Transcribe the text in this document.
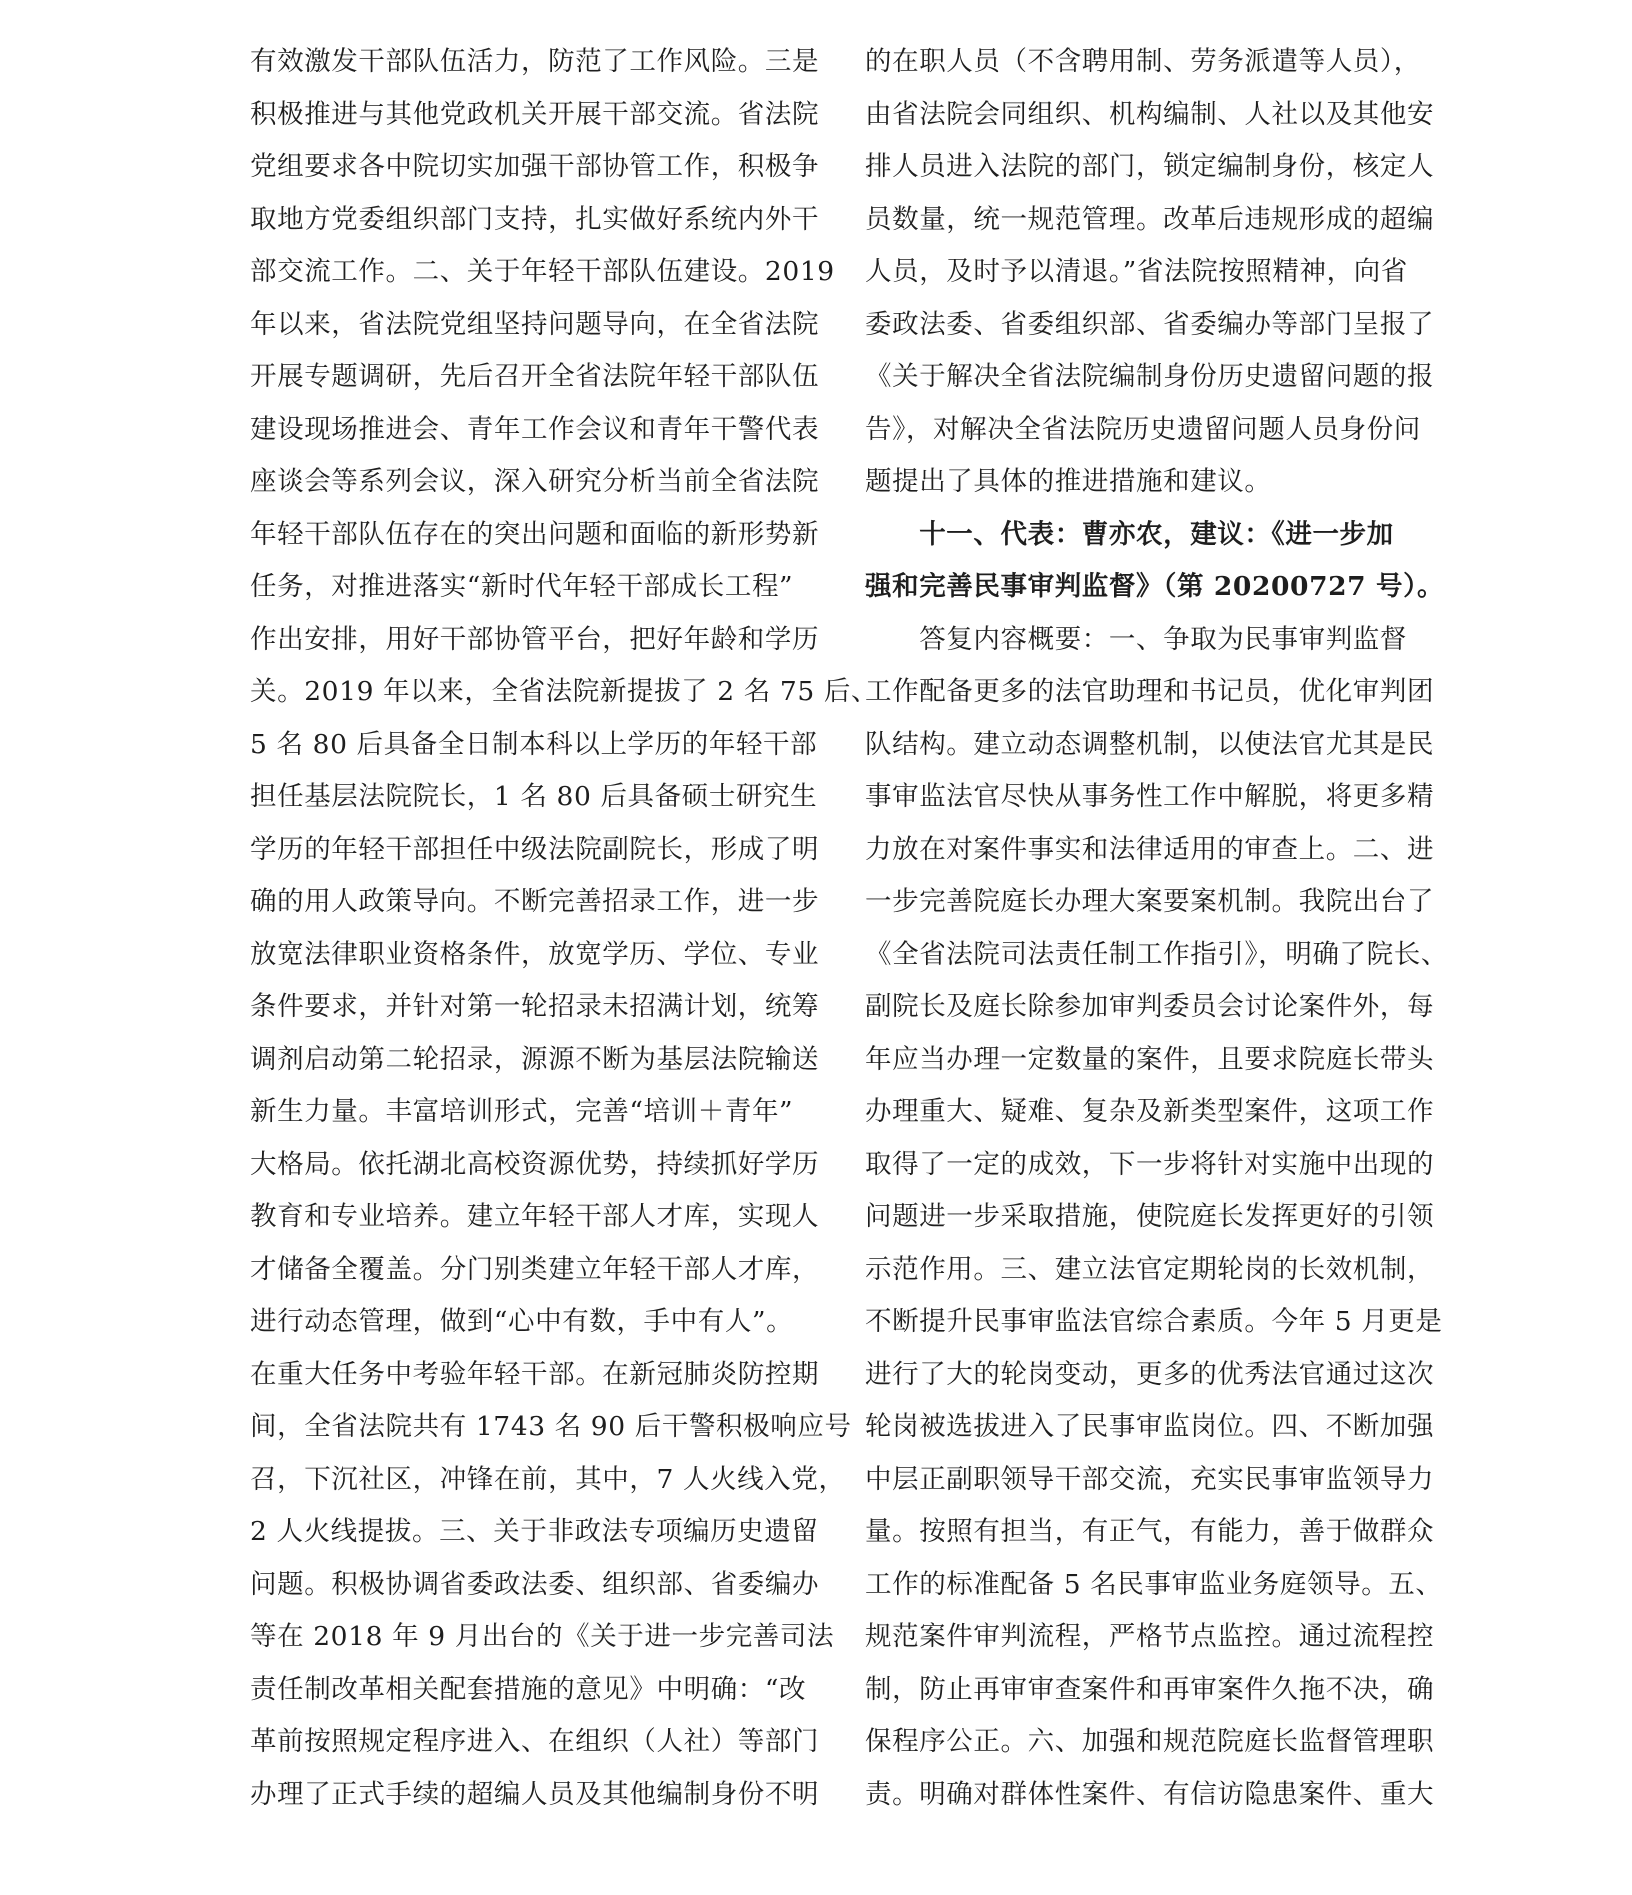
有效激发干部队伍活力，防范了工作风险。三是
积极推进与其他党政机关开展干部交流。省法院
党组要求各中院切实加强干部协管工作，积极争
取地方党委组织部门支持，扎实做好系统内外干
部交流工作。二、关于年轻干部队伍建设。2019
年以来，省法院党组坚持问题导向，在全省法院
开展专题调研，先后召开全省法院年轻干部队伍
建设现场推进会、青年工作会议和青年干警代表
座谈会等系列会议，深入研究分析当前全省法院
年轻干部队伍存在的突出问题和面临的新形势新
任务，对推进落实“新时代年轻干部成长工程”
作出安排，用好干部协管平台，把好年龄和学历
关。2019 年以来，全省法院新提拔了 2 名 75 后、
5 名 80 后具备全日制本科以上学历的年轻干部
担任基层法院院长，1 名 80 后具备硕士研究生
学历的年轻干部担任中级法院副院长，形成了明
确的用人政策导向。不断完善招录工作，进一步
放宽法律职业资格条件，放宽学历、学位、专业
条件要求，并针对第一轮招录未招满计划，统筹
调剂启动第二轮招录，源源不断为基层法院输送
新生力量。丰富培训形式，完善“培训＋青年”
大格局。依托湖北高校资源优势，持续抓好学历
教育和专业培养。建立年轻干部人才库，实现人
才储备全覆盖。分门别类建立年轻干部人才库，
进行动态管理，做到“心中有数，手中有人”。
在重大任务中考验年轻干部。在新冠肺炎防控期
间，全省法院共有 1743 名 90 后干警积极响应号
召，下沉社区，冲锋在前，其中，7 人火线入党，
2 人火线提拔。三、关于非政法专项编历史遗留
问题。积极协调省委政法委、组织部、省委编办
等在 2018 年 9 月出台的《关于进一步完善司法
责任制改革相关配套措施的意见》中明确：“改
革前按照规定程序进入、在组织（人社）等部门
办理了正式手续的超编人员及其他编制身份不明
的在职人员（不含聘用制、劳务派遣等人员），
由省法院会同组织、机构编制、人社以及其他安
排人员进入法院的部门，锁定编制身份，核定人
员数量，统一规范管理。改革后违规形成的超编
人员，及时予以清退。”省法院按照精神，向省
委政法委、省委组织部、省委编办等部门呈报了
《关于解决全省法院编制身份历史遗留问题的报
告》，对解决全省法院历史遗留问题人员身份问
题提出了具体的推进措施和建议。
　　十一、代表：曹亦农，建议：《进一步加
强和完善民事审判监督》（第 20200727 号）。
　　答复内容概要：一、争取为民事审判监督
工作配备更多的法官助理和书记员，优化审判团
队结构。建立动态调整机制，以使法官尤其是民
事审监法官尽快从事务性工作中解脱，将更多精
力放在对案件事实和法律适用的审查上。二、进
一步完善院庭长办理大案要案机制。我院出台了
《全省法院司法责任制工作指引》，明确了院长、
副院长及庭长除参加审判委员会讨论案件外，每
年应当办理一定数量的案件，且要求院庭长带头
办理重大、疑难、复杂及新类型案件，这项工作
取得了一定的成效，下一步将针对实施中出现的
问题进一步采取措施，使院庭长发挥更好的引领
示范作用。三、建立法官定期轮岗的长效机制，
不断提升民事审监法官综合素质。今年 5 月更是
进行了大的轮岗变动，更多的优秀法官通过这次
轮岗被选拔进入了民事审监岗位。四、不断加强
中层正副职领导干部交流，充实民事审监领导力
量。按照有担当，有正气，有能力，善于做群众
工作的标准配备 5 名民事审监业务庭领导。五、
规范案件审判流程，严格节点监控。通过流程控
制，防止再审审查案件和再审案件久拖不决，确
保程序公正。六、加强和规范院庭长监督管理职
责。明确对群体性案件、有信访隐患案件、重大
